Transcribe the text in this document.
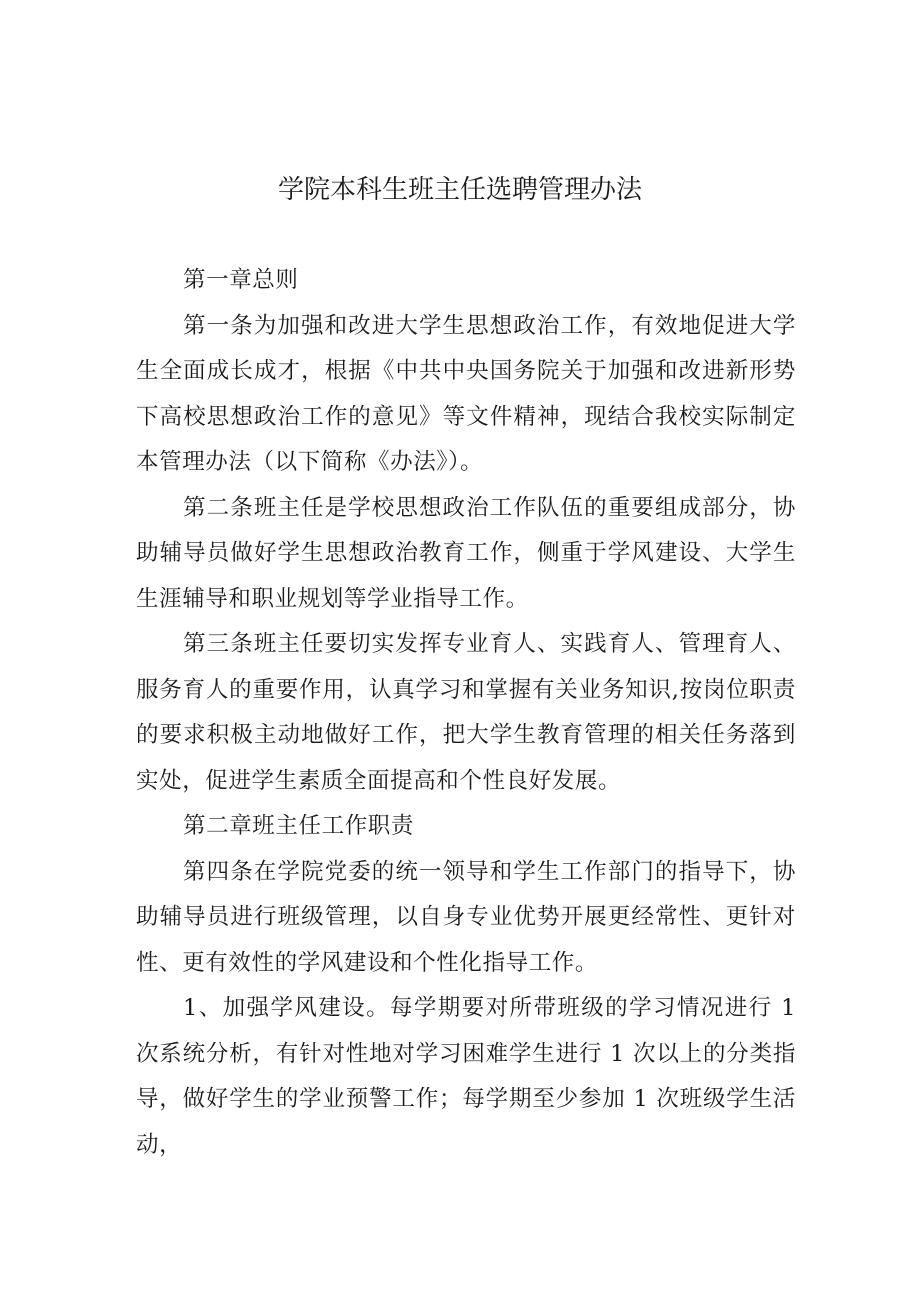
学院本科生班主任选聘管理办法

第一章总则

第一条为加强和改进大学生思想政治工作，有效地促进大学生全面成长成才，根据《中共中央国务院关于加强和改进新形势下高校思想政治工作的意见》等文件精神，现结合我校实际制定本管理办法（以下简称《办法》）。

第二条班主任是学校思想政治工作队伍的重要组成部分，协助辅导员做好学生思想政治教育工作，侧重于学风建设、大学生生涯辅导和职业规划等学业指导工作。

第三条班主任要切实发挥专业育人、实践育人、管理育人、服务育人的重要作用，认真学习和掌握有关业务知识,按岗位职责的要求积极主动地做好工作，把大学生教育管理的相关任务落到实处，促进学生素质全面提高和个性良好发展。

第二章班主任工作职责

第四条在学院党委的统一领导和学生工作部门的指导下，协助辅导员进行班级管理，以自身专业优势开展更经常性、更针对性、更有效性的学风建设和个性化指导工作。

1、加强学风建设。每学期要对所带班级的学习情况进行 1 次系统分析，有针对性地对学习困难学生进行 1 次以上的分类指导，做好学生的学业预警工作；每学期至少参加 1 次班级学生活动，
